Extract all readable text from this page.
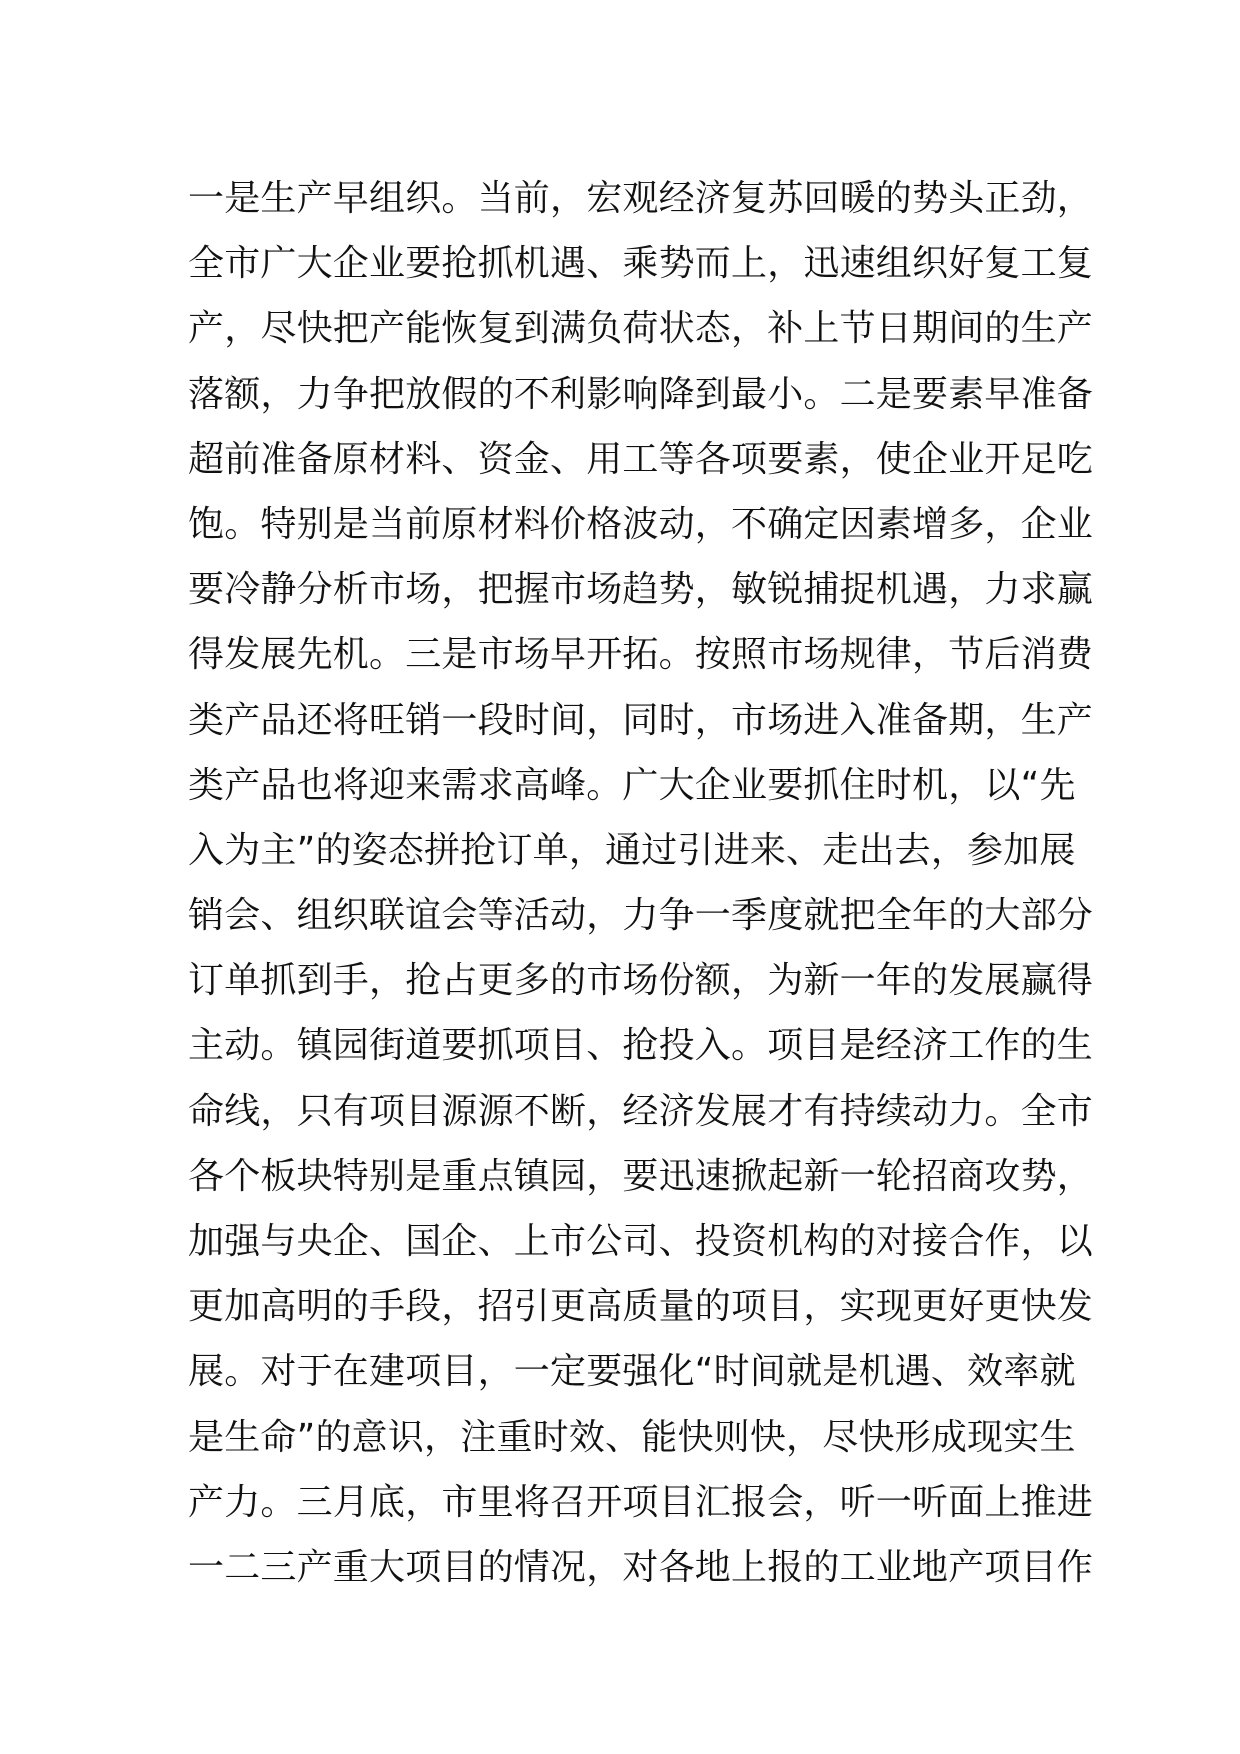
一是生产早组织。当前，宏观经济复苏回暖的势头正劲，
全市广大企业要抢抓机遇、乘势而上，迅速组织好复工复
产，尽快把产能恢复到满负荷状态，补上节日期间的生产
落额，力争把放假的不利影响降到最小。二是要素早准备
超前准备原材料、资金、用工等各项要素，使企业开足吃
饱。特别是当前原材料价格波动，不确定因素增多，企业
要冷静分析市场，把握市场趋势，敏锐捕捉机遇，力求赢
得发展先机。三是市场早开拓。按照市场规律，节后消费
类产品还将旺销一段时间，同时，市场进入准备期，生产
类产品也将迎来需求高峰。广大企业要抓住时机，以“先
入为主”的姿态拼抢订单，通过引进来、走出去，参加展
销会、组织联谊会等活动，力争一季度就把全年的大部分
订单抓到手，抢占更多的市场份额，为新一年的发展赢得
主动。镇园街道要抓项目、抢投入。项目是经济工作的生
命线，只有项目源源不断，经济发展才有持续动力。全市
各个板块特别是重点镇园，要迅速掀起新一轮招商攻势，
加强与央企、国企、上市公司、投资机构的对接合作，以
更加高明的手段，招引更高质量的项目，实现更好更快发
展。对于在建项目，一定要强化“时间就是机遇、效率就
是生命”的意识，注重时效、能快则快，尽快形成现实生
产力。三月底，市里将召开项目汇报会，听一听面上推进
一二三产重大项目的情况，对各地上报的工业地产项目作
